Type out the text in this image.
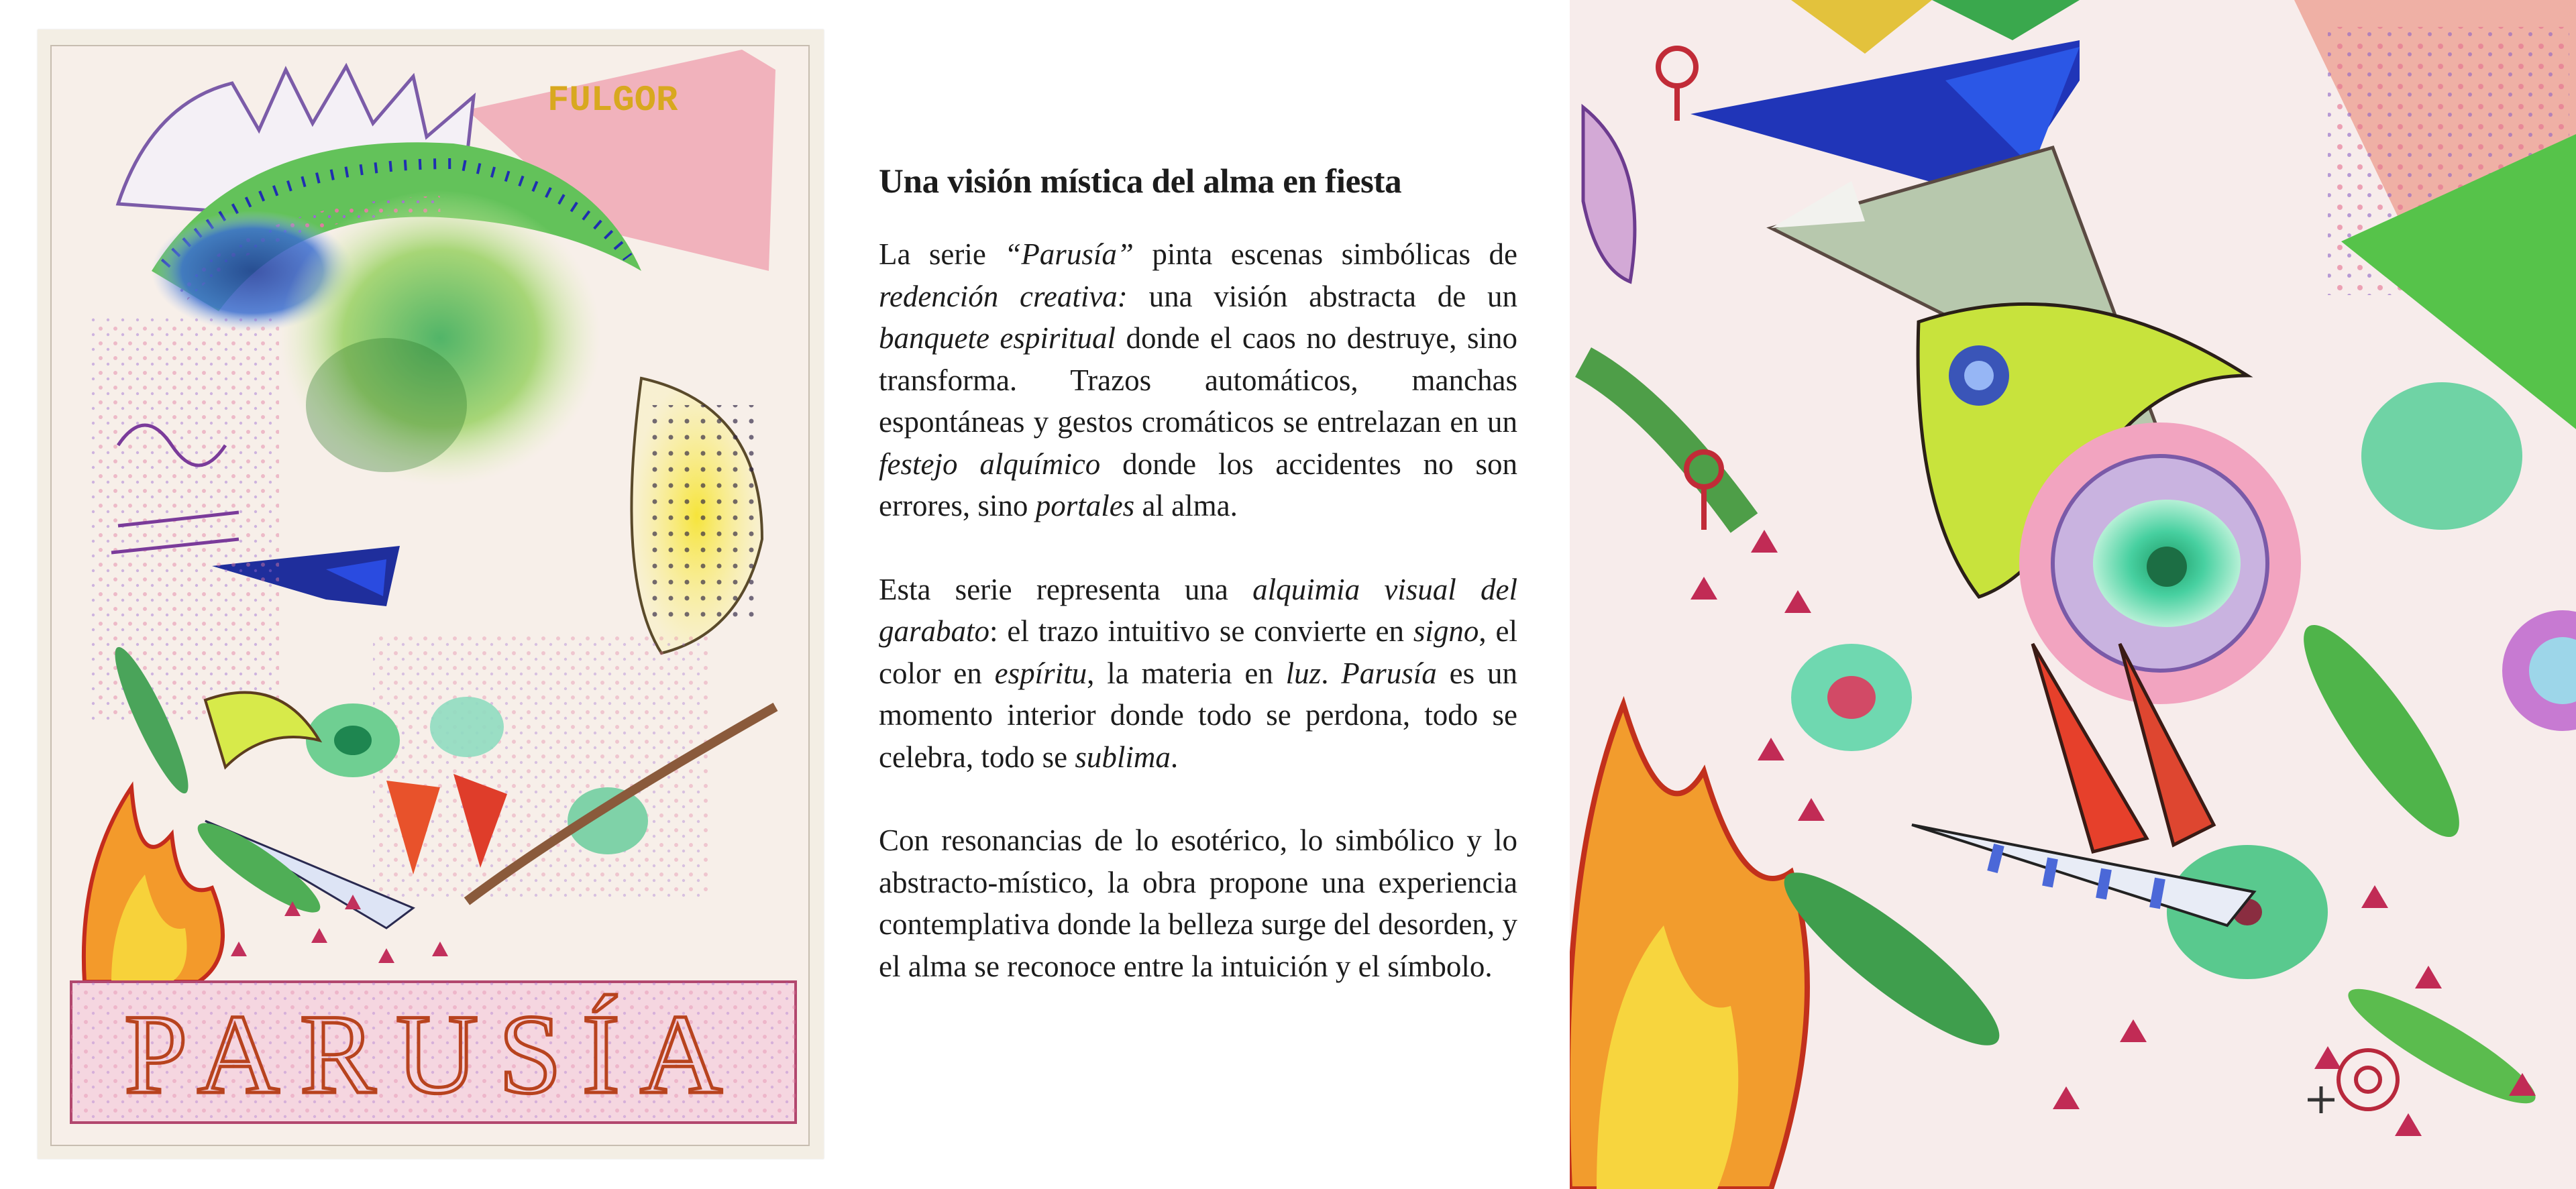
FULGOR
PARUSÍA
Una visión mística del alma en fiesta

La serie “Parusía” pinta escenas simbólicas de redención creativa: una visión abstracta de un banquete espiritual donde el caos no destruye, sino transforma. Trazos automáticos, manchas espontáneas y gestos cromáticos se entrelazan en un festejo alquímico donde los accidentes no son errores, sino portales al alma.

Esta serie representa una alquimia visual del garabato: el trazo intuitivo se convierte en signo, el color en espíritu, la materia en luz. Parusía es un momento interior donde todo se perdona, todo se celebra, todo se sublima.

Con resonancias de lo esotérico, lo simbólico y lo abstracto-místico, la obra propone una experiencia contemplativa donde la belleza surge del desorden, y el alma se reconoce entre la intuición y el símbolo.
